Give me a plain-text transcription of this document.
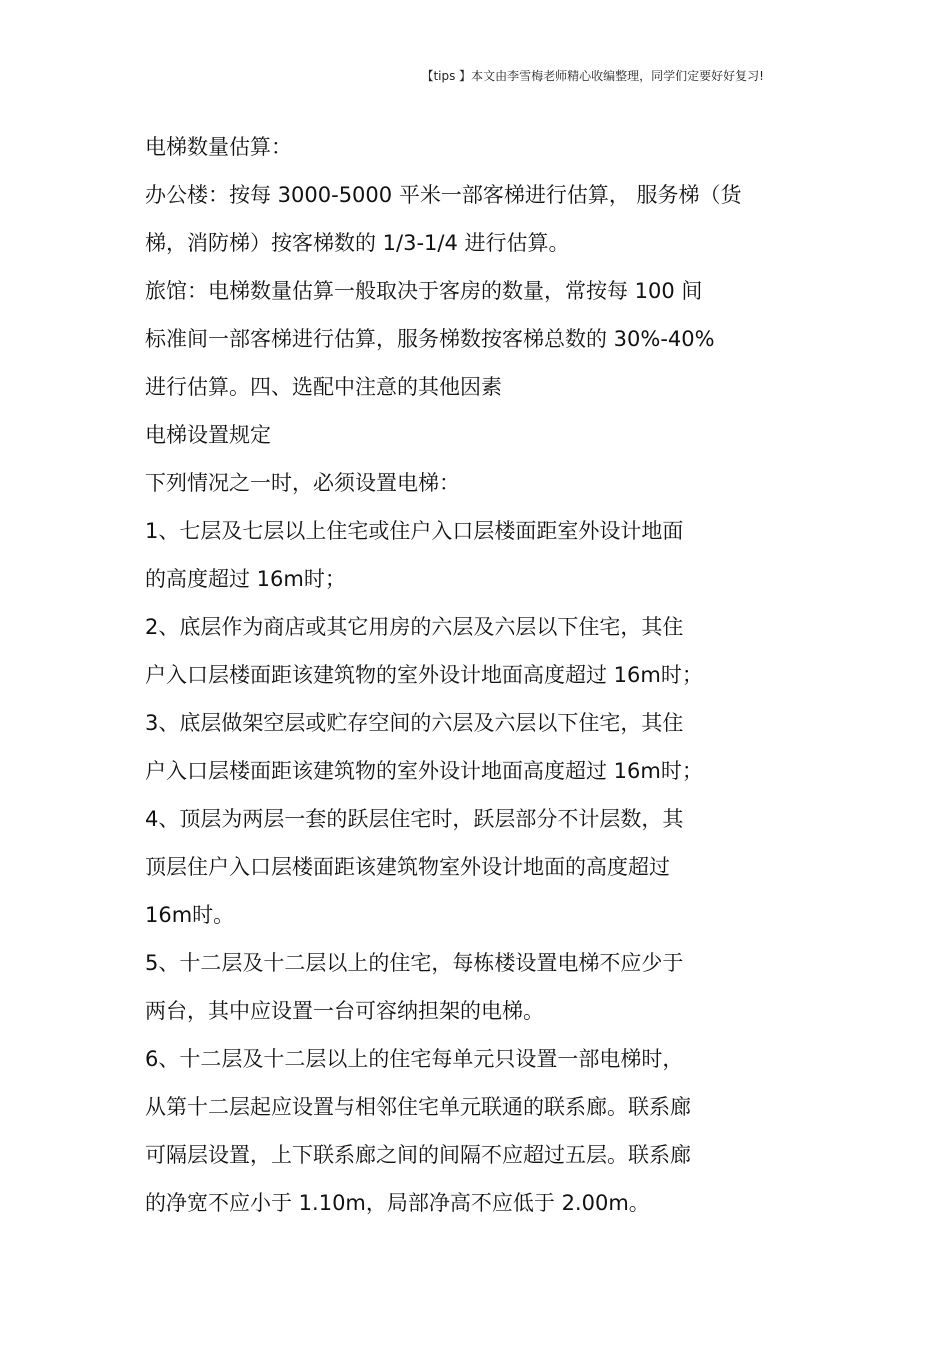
【tips 】本文由李雪梅老师精心收编整理，同学们定要好好复习!
电梯数量估算：
办公楼：按每 3000-5000 平米一部客梯进行估算， 服务梯（货
梯，消防梯）按客梯数的 1/3-1/4 进行估算。
旅馆：电梯数量估算一般取决于客房的数量，常按每 100 间
标准间一部客梯进行估算，服务梯数按客梯总数的 30%-40%
进行估算。四、选配中注意的其他因素
电梯设置规定
下列情况之一时，必须设置电梯：
1、七层及七层以上住宅或住户入口层楼面距室外设计地面
的高度超过 16m时；
2、底层作为商店或其它用房的六层及六层以下住宅，其住
户入口层楼面距该建筑物的室外设计地面高度超过 16m时；
3、底层做架空层或贮存空间的六层及六层以下住宅，其住
户入口层楼面距该建筑物的室外设计地面高度超过 16m时；
4、顶层为两层一套的跃层住宅时，跃层部分不计层数，其
顶层住户入口层楼面距该建筑物室外设计地面的高度超过
16m时。
5、十二层及十二层以上的住宅，每栋楼设置电梯不应少于
两台，其中应设置一台可容纳担架的电梯。
6、十二层及十二层以上的住宅每单元只设置一部电梯时，
从第十二层起应设置与相邻住宅单元联通的联系廊。联系廊
可隔层设置，上下联系廊之间的间隔不应超过五层。联系廊
的净宽不应小于 1.10m，局部净高不应低于 2.00m。
